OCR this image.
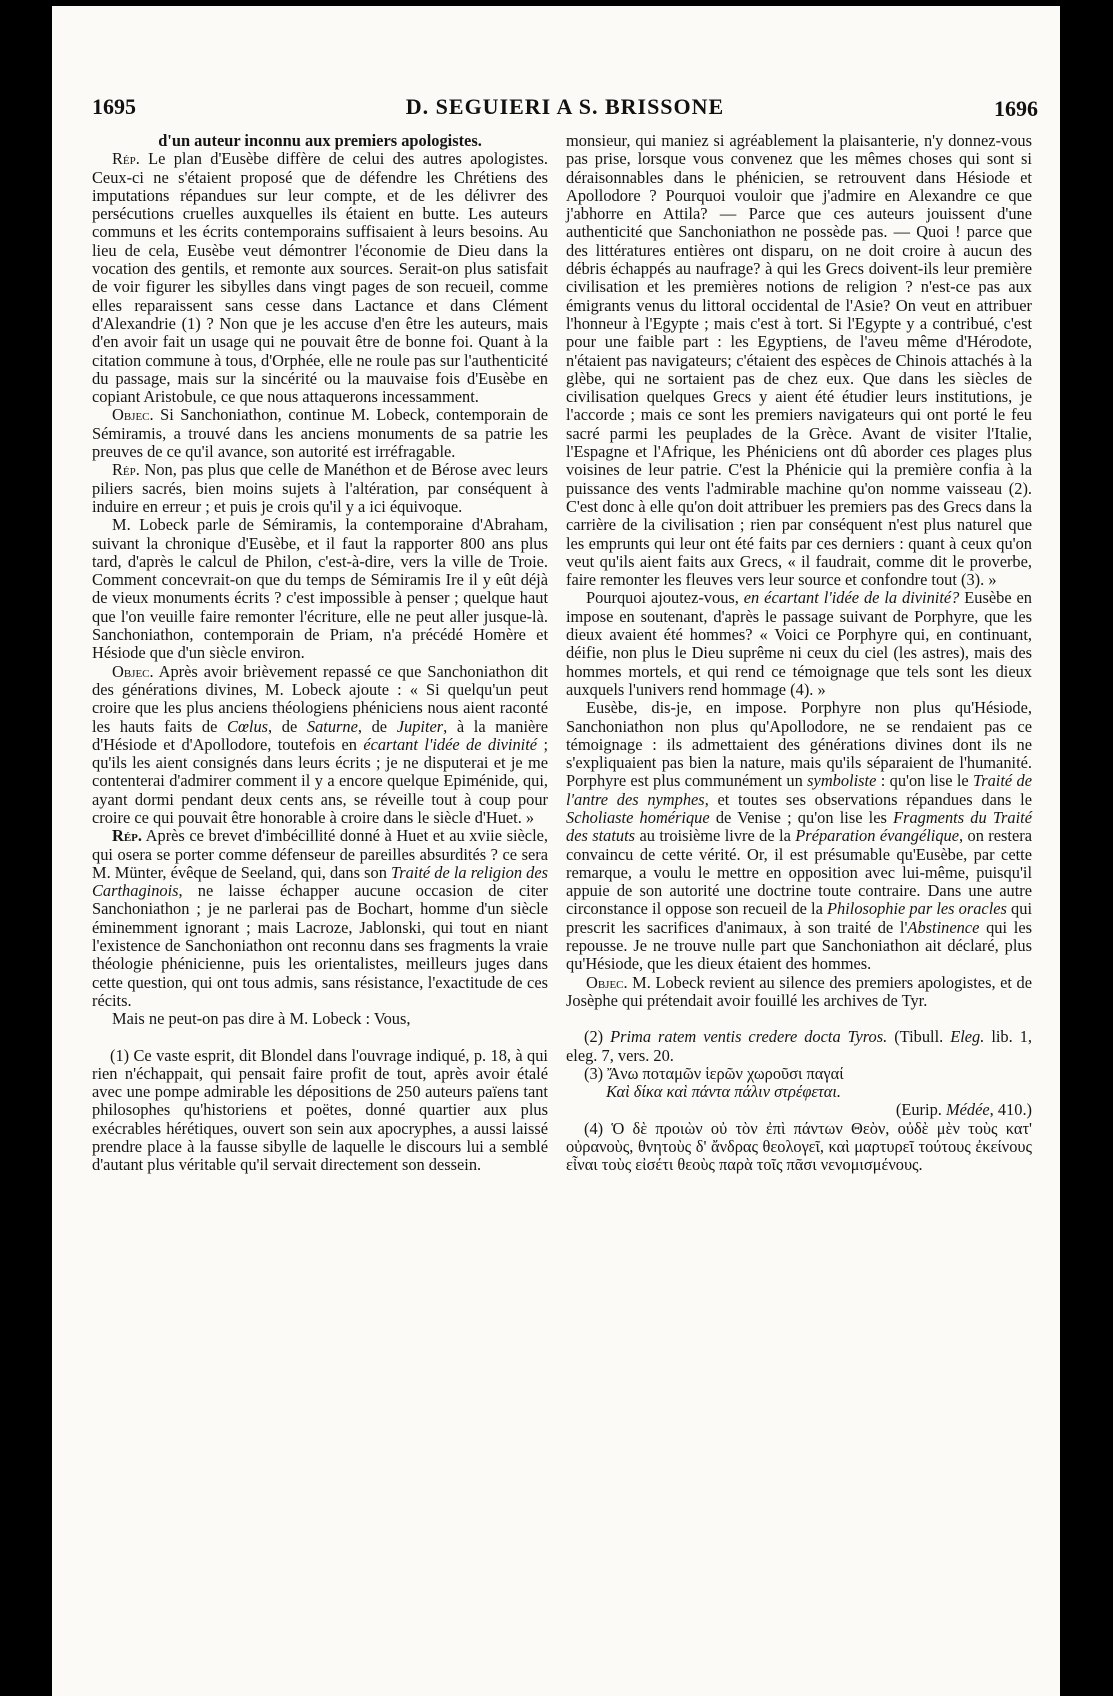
1695	D. SEGUIERI A S. BRISSONE	1696

d'un auteur inconnu aux premiers apologistes.

Rép. Le plan d'Eusèbe diffère de celui des autres apologistes. Ceux-ci ne s'étaient proposé que de défendre les Chrétiens des imputations répandues sur leur compte, et de les délivrer des persécutions cruelles auxquelles ils étaient en butte. Les auteurs communs et les écrits contemporains suffisaient à leurs besoins. Au lieu de cela, Eusèbe veut démontrer l'économie de Dieu dans la vocation des gentils, et remonte aux sources. Serait-on plus satisfait de voir figurer les sibylles dans vingt pages de son recueil, comme elles reparaissent sans cesse dans Lactance et dans Clément d'Alexandrie (1) ? Non que je les accuse d'en être les auteurs, mais d'en avoir fait un usage qui ne pouvait être de bonne foi. Quant à la citation commune à tous, d'Orphée, elle ne roule pas sur l'authenticité du passage, mais sur la sincérité ou la mauvaise fois d'Eusèbe en copiant Aristobule, ce que nous attaquerons incessamment.

Objec. Si Sanchoniathon, continue M. Lobeck, contemporain de Sémiramis, a trouvé dans les anciens monuments de sa patrie les preuves de ce qu'il avance, son autorité est irréfragable.

Rép. Non, pas plus que celle de Manéthon et de Bérose avec leurs piliers sacrés, bien moins sujets à l'altération, par conséquent à induire en erreur ; et puis je crois qu'il y a ici équivoque.

M. Lobeck parle de Sémiramis, la contemporaine d'Abraham, suivant la chronique d'Eusèbe, et il faut la rapporter 800 ans plus tard, d'après le calcul de Philon, c'est-à-dire, vers la ville de Troie. Comment concevrait-on que du temps de Sémiramis Ire il y eût déjà de vieux monuments écrits ? c'est impossible à penser ; quelque haut que l'on veuille faire remonter l'écriture, elle ne peut aller jusque-là. Sanchoniathon, contemporain de Priam, n'a précédé Homère et Hésiode que d'un siècle environ.

Objec. Après avoir brièvement repassé ce que Sanchoniathon dit des générations divines, M. Lobeck ajoute : « Si quelqu'un peut croire que les plus anciens théologiens phéniciens nous aient raconté les hauts faits de Cœlus, de Saturne, de Jupiter, à la manière d'Hésiode et d'Apollodore, toutefois en écartant l'idée de divinité ; qu'ils les aient consignés dans leurs écrits ; je ne disputerai et je me contenterai d'admirer comment il y a encore quelque Epiménide, qui, ayant dormi pendant deux cents ans, se réveille tout à coup pour croire ce qui pouvait être honorable à croire dans le siècle d'Huet. »

Rép. Après ce brevet d'imbécillité donné à Huet et au xviie siècle, qui osera se porter comme défenseur de pareilles absurdités ? ce sera M. Münter, évêque de Seeland, qui, dans son Traité de la religion des Carthaginois, ne laisse échapper aucune occasion de citer Sanchoniathon ; je ne parlerai pas de Bochart, homme d'un siècle éminemment ignorant ; mais Lacroze, Jablonski, qui tout en niant l'existence de Sanchoniathon ont reconnu dans ses fragments la vraie théologie phénicienne, puis les orientalistes, meilleurs juges dans cette question, qui ont tous admis, sans résistance, l'exactitude de ces récits.

Mais ne peut-on pas dire à M. Lobeck : Vous,

(1) Ce vaste esprit, dit Blondel dans l'ouvrage indiqué, p. 18, à qui rien n'échappait, qui pensait faire profit de tout, après avoir étalé avec une pompe admirable les dépositions de 250 auteurs païens tant philosophes qu'historiens et poëtes, donné quartier aux plus exécrables hérétiques, ouvert son sein aux apocryphes, a aussi laissé prendre place à la fausse sibylle de laquelle le discours lui a semblé d'autant plus véritable qu'il servait directement son dessein.

monsieur, qui maniez si agréablement la plaisanterie, n'y donnez-vous pas prise, lorsque vous convenez que les mêmes choses qui sont si déraisonnables dans le phénicien, se retrouvent dans Hésiode et Apollodore ? Pourquoi vouloir que j'admire en Alexandre ce que j'abhorre en Attila? — Parce que ces auteurs jouissent d'une authenticité que Sanchoniathon ne possède pas. — Quoi ! parce que des littératures entières ont disparu, on ne doit croire à aucun des débris échappés au naufrage? à qui les Grecs doivent-ils leur première civilisation et les premières notions de religion ? n'est-ce pas aux émigrants venus du littoral occidental de l'Asie? On veut en attribuer l'honneur à l'Egypte ; mais c'est à tort. Si l'Egypte y a contribué, c'est pour une faible part : les Egyptiens, de l'aveu même d'Hérodote, n'étaient pas navigateurs; c'étaient des espèces de Chinois attachés à la glèbe, qui ne sortaient pas de chez eux. Que dans les siècles de civilisation quelques Grecs y aient été étudier leurs institutions, je l'accorde ; mais ce sont les premiers navigateurs qui ont porté le feu sacré parmi les peuplades de la Grèce. Avant de visiter l'Italie, l'Espagne et l'Afrique, les Phéniciens ont dû aborder ces plages plus voisines de leur patrie. C'est la Phénicie qui la première confia à la puissance des vents l'admirable machine qu'on nomme vaisseau (2). C'est donc à elle qu'on doit attribuer les premiers pas des Grecs dans la carrière de la civilisation ; rien par conséquent n'est plus naturel que les emprunts qui leur ont été faits par ces derniers : quant à ceux qu'on veut qu'ils aient faits aux Grecs, « il faudrait, comme dit le proverbe, faire remonter les fleuves vers leur source et confondre tout (3). »

Pourquoi ajoutez-vous, en écartant l'idée de la divinité? Eusèbe en impose en soutenant, d'après le passage suivant de Porphyre, que les dieux avaient été hommes? « Voici ce Porphyre qui, en continuant, déifie, non plus le Dieu suprême ni ceux du ciel (les astres), mais des hommes mortels, et qui rend ce témoignage que tels sont les dieux auxquels l'univers rend hommage (4). »

Eusèbe, dis-je, en impose. Porphyre non plus qu'Hésiode, Sanchoniathon non plus qu'Apollodore, ne se rendaient pas ce témoignage : ils admettaient des générations divines dont ils ne s'expliquaient pas bien la nature, mais qu'ils séparaient de l'humanité. Porphyre est plus communément un symboliste : qu'on lise le Traité de l'antre des nymphes, et toutes ses observations répandues dans le Scholiaste homérique de Venise ; qu'on lise les Fragments du Traité des statuts au troisième livre de la Préparation évangélique, on restera convaincu de cette vérité. Or, il est présumable qu'Eusèbe, par cette remarque, a voulu le mettre en opposition avec lui-même, puisqu'il appuie de son autorité une doctrine toute contraire. Dans une autre circonstance il oppose son recueil de la Philosophie par les oracles qui prescrit les sacrifices d'animaux, à son traité de l'Abstinence qui les repousse. Je ne trouve nulle part que Sanchoniathon ait déclaré, plus qu'Hésiode, que les dieux étaient des hommes.

Objec. M. Lobeck revient au silence des premiers apologistes, et de Josèphe qui prétendait avoir fouillé les archives de Tyr.

(2) Prima ratem ventis credere docta Tyros. (Tibull. Eleg. lib. 1, eleg. 7, vers. 20.

(3) Ἄνω ποταμῶν ἱερῶν χωροῦσι παγαί

Καὶ δίκα καὶ πάντα πάλιν στρέφεται.

(Eurip. Médée, 410.)

(4) Ὁ δὲ προιὼν οὐ τὸν ἐπὶ πάντων Θεὸν, οὐδὲ μὲν τοὺς κατ' οὐρανοὺς, θνητοὺς δ' ἄνδρας θεολογεῖ, καὶ μαρτυρεῖ τούτους ἐκείνους εἶναι τοὺς εἰσέτι θεοὺς παρὰ τοῖς πᾶσι νενομισμένους.
